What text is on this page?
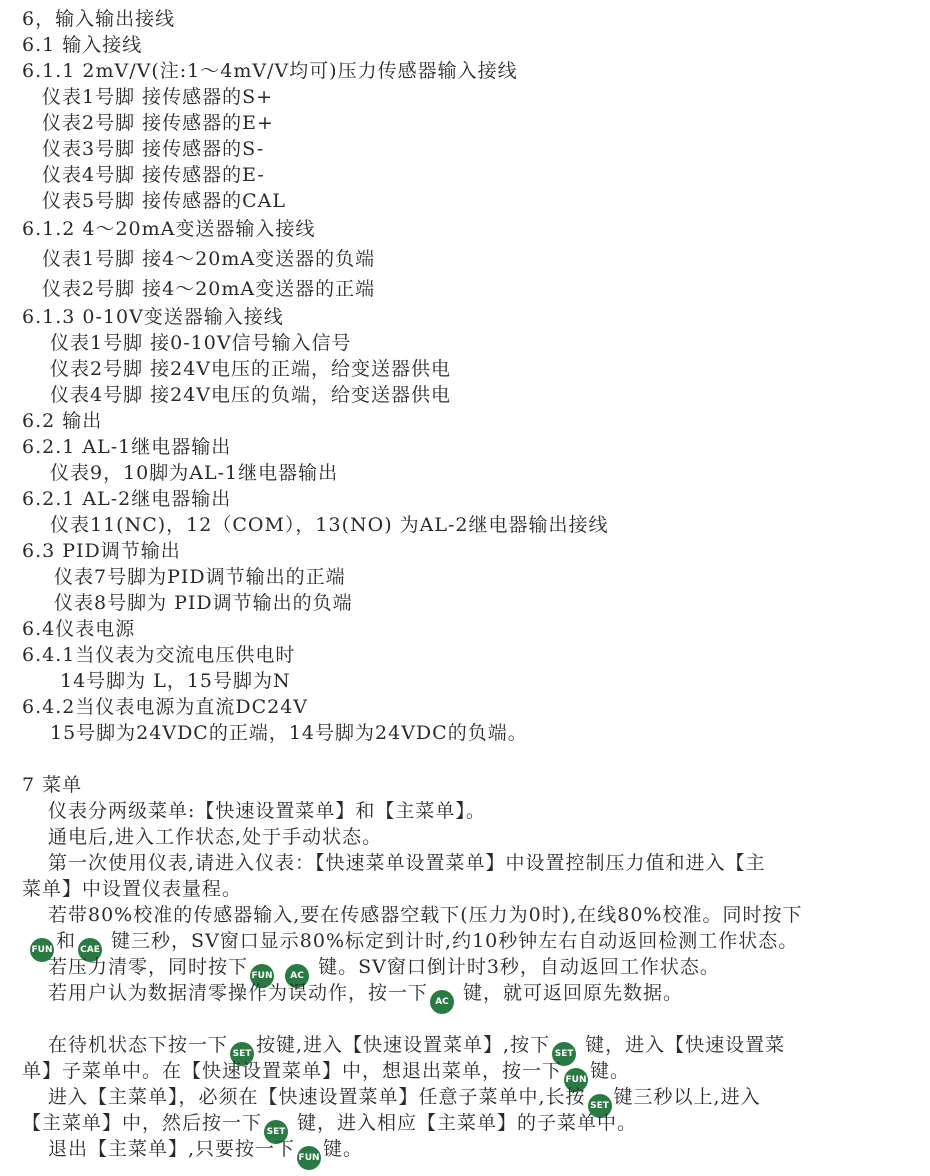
6，输入输出接线
6.1 输入接线
6.1.1 2mV/V(注:1～4mV/V均可)压力传感器输入接线
仪表1号脚 接传感器的S+
仪表2号脚 接传感器的E+
仪表3号脚 接传感器的S-
仪表4号脚 接传感器的E-
仪表5号脚 接传感器的CAL
6.1.2 4～20mA变送器输入接线
仪表1号脚 接4～20mA变送器的负端
仪表2号脚 接4～20mA变送器的正端
6.1.3 0-10V变送器输入接线
仪表1号脚 接0-10V信号输入信号
仪表2号脚 接24V电压的正端，给变送器供电
仪表4号脚 接24V电压的负端，给变送器供电
6.2 输出
6.2.1 AL-1继电器输出
仪表9，10脚为AL-1继电器输出
6.2.1 AL-2继电器输出
仪表11(NC)，12（COM），13(NO) 为AL-2继电器输出接线
6.3 PID调节输出
仪表7号脚为PID调节输出的正端
仪表8号脚为 PID调节输出的负端
6.4仪表电源
6.4.1当仪表为交流电压供电时
14号脚为 L，15号脚为N
6.4.2当仪表电源为直流DC24V
15号脚为24VDC的正端，14号脚为24VDC的负端。
7 菜单
仪表分两级菜单:【快速设置菜单】和【主菜单】。
通电后,进入工作状态,处于手动状态。
第一次使用仪表,请进入仪表：【快速菜单设置菜单】中设置控制压力值和进入【主
菜单】中设置仪表量程。
若带80%校准的传感器输入,要在传感器空载下(压力为0时),在线80%校准。同时按下
FUN 和 CAE 键三秒，SV窗口显示80%标定到计时,约10秒钟左右自动返回检测工作状态。
若压力清零，同时按下 FUN AC 键。SV窗口倒计时3秒，自动返回工作状态。
若用户认为数据清零操作为误动作，按一下 AC 键，就可返回原先数据。
在待机状态下按一下 SET 按键,进入【快速设置菜单】,按下 SET 键，进入【快速设置菜
单】子菜单中。在【快速设置菜单】中，想退出菜单，按一下 FUN 键。
进入【主菜单】，必须在【快速设置菜单】任意子菜单中,长按 SET 键三秒以上,进入
【主菜单】中，然后按一下 SET 键，进入相应【主菜单】的子菜单中。
退出【主菜单】,只要按一下 FUN 键。
